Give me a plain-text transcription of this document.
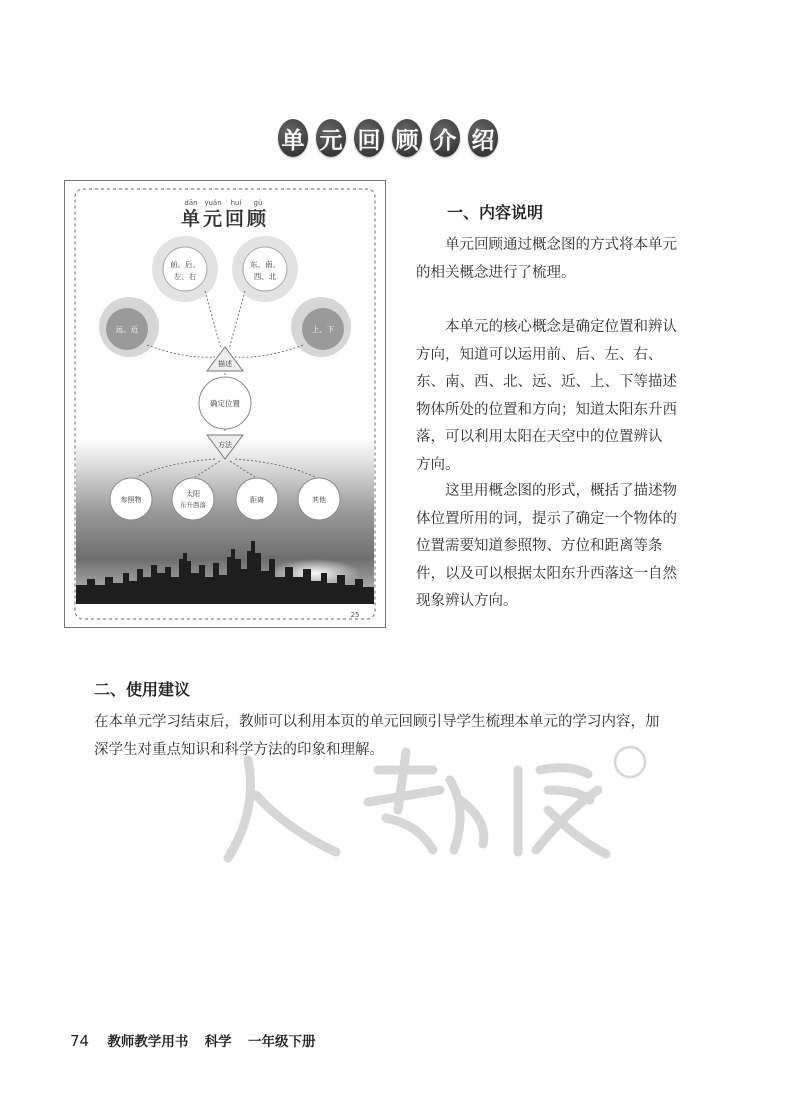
单 元 回 顾 介 绍
dān yuán huí gù
单元回顾
前、后、
左、右
东、南、
西、北
远、近	上、下
描述
确定位置
方法
参照物
太阳
东升西落
距离	其他
25
一、内容说明

单元回顾通过概念图的方式将本单元
的相关概念进行了梳理。

本单元的核心概念是确定位置和辨认
方向，知道可以运用前、后、左、右、
东、南、西、北、远、近、上、下等描述
物体所处的位置和方向；知道太阳东升西
落，可以利用太阳在天空中的位置辨认
方向。

这里用概念图的形式，概括了描述物
体位置所用的词，提示了确定一个物体的
位置需要知道参照物、方位和距离等条
件，以及可以根据太阳东升西落这一自然
现象辨认方向。

二、使用建议

在本单元学习结束后，教师可以利用本页的单元回顾引导学生梳理本单元的学习内容，加
深学生对重点知识和科学方法的印象和理解。

74 教师教学用书 科学 一年级下册
